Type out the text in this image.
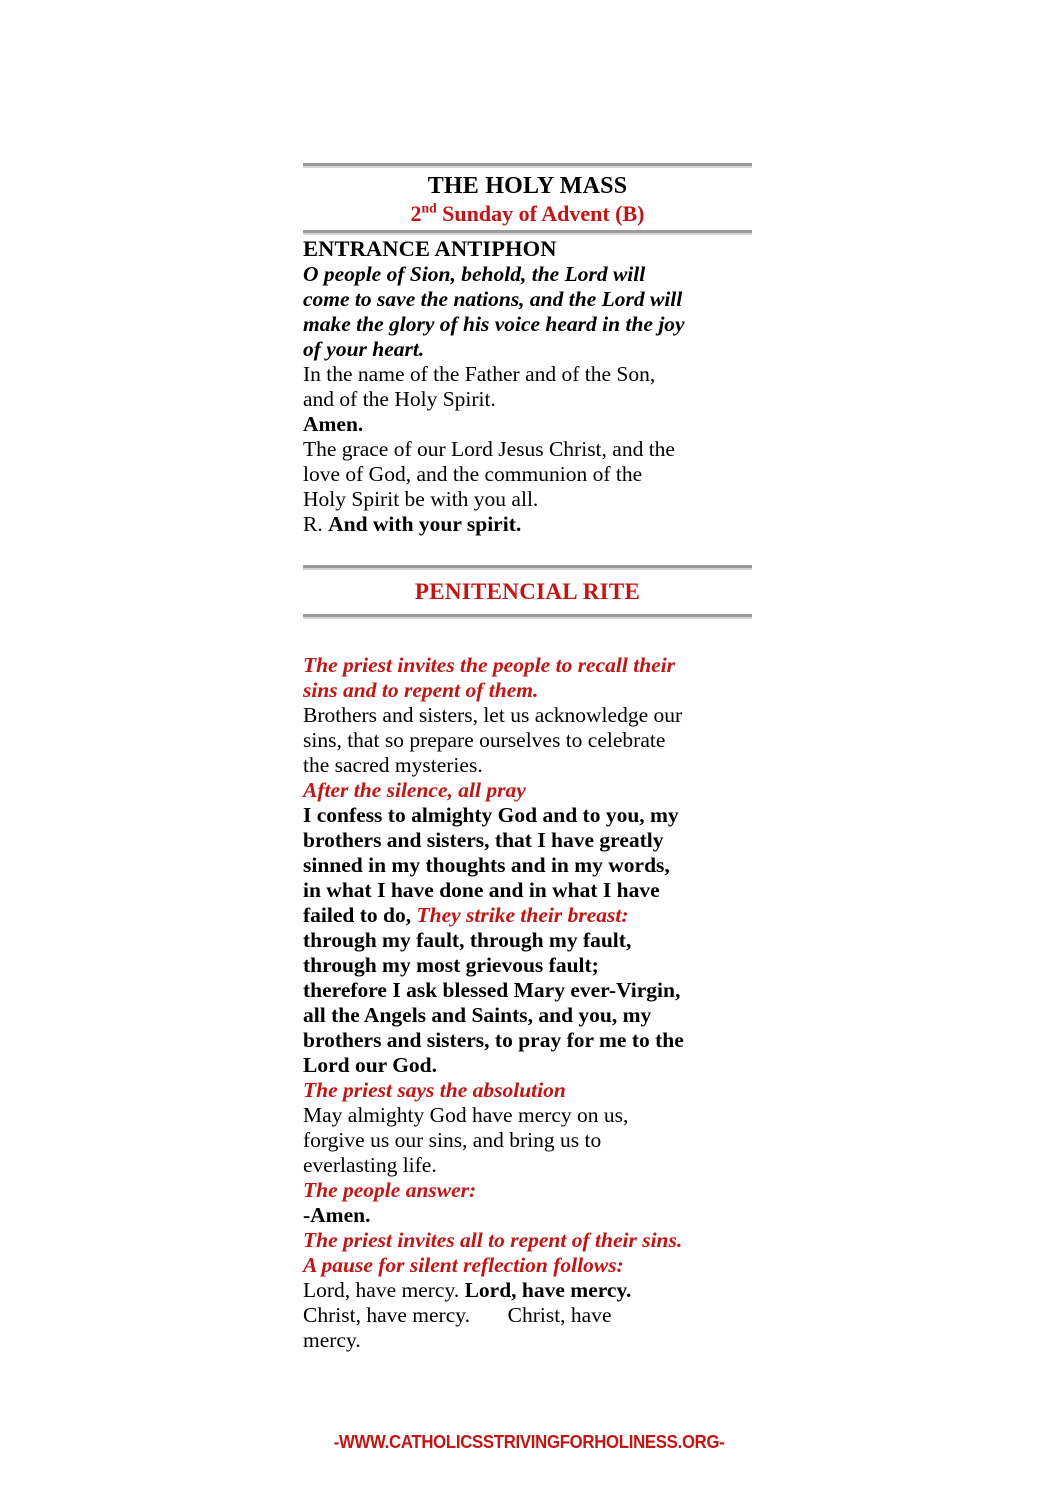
THE HOLY MASS
2nd Sunday of Advent (B)
ENTRANCE ANTIPHON
O people of Sion, behold, the Lord will
come to save the nations, and the Lord will
make the glory of his voice heard in the joy
of your heart.
In the name of the Father and of the Son,
and of the Holy Spirit.
Amen.
The grace of our Lord Jesus Christ, and the
love of God, and the communion of the
Holy Spirit be with you all.
R. And with your spirit.
PENITENCIAL RITE
The priest invites the people to recall their
sins and to repent of them.
Brothers and sisters, let us acknowledge our
sins, that so prepare ourselves to celebrate
the sacred mysteries.
After the silence, all pray
I confess to almighty God and to you, my
brothers and sisters, that I have greatly
sinned in my thoughts and in my words,
in what I have done and in what I have
failed to do, They strike their breast:
through my fault, through my fault,
through my most grievous fault;
therefore I ask blessed Mary ever-Virgin,
all the Angels and Saints, and you, my
brothers and sisters, to pray for me to the
Lord our God.
The priest says the absolution
May almighty God have mercy on us,
forgive us our sins, and bring us to
everlasting life.
The people answer:
-Amen.
The priest invites all to repent of their sins.
A pause for silent reflection follows:
Lord, have mercy. Lord, have mercy.
Christ, have mercy. Christ, have
mercy.
-WWW.CATHOLICSSTRIVINGFORHOLINESS.ORG-
